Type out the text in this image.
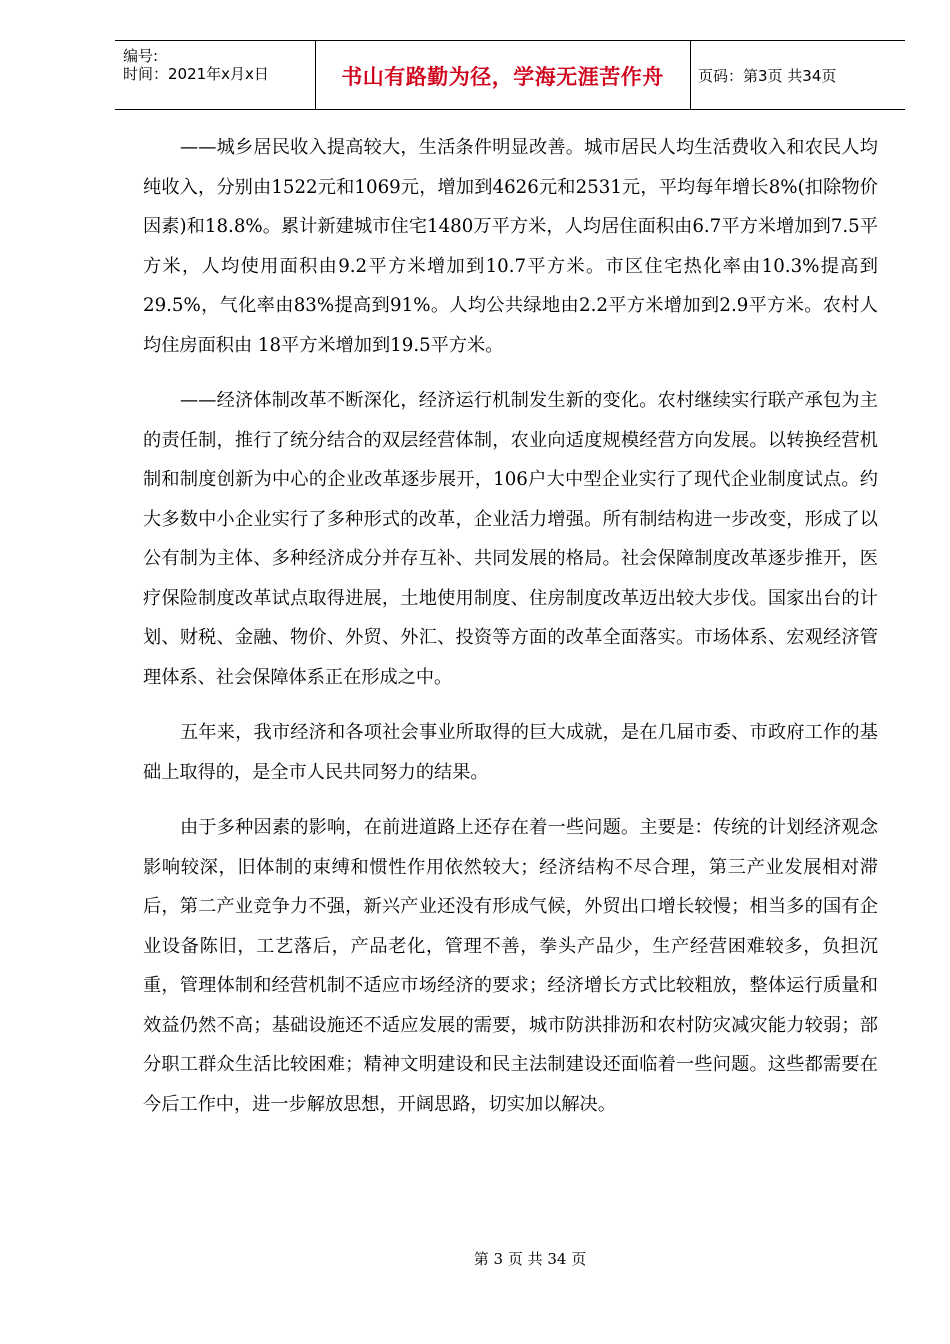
编号:
时间：2021年x月x日	书山有路勤为径，学海无涯苦作舟	页码：第3页 共34页

——城乡居民收入提高较大，生活条件明显改善。城市居民人均生活费收入和农民人均纯收入，分别由1522元和1069元，增加到4626元和2531元，平均每年增长8%(扣除物价因素)和18.8%。累计新建城市住宅1480万平方米，人均居住面积由6.7平方米增加到7.5平方米，人均使用面积由9.2平方米增加到10.7平方米。市区住宅热化率由10.3%提高到29.5%，气化率由83%提高到91%。人均公共绿地由2.2平方米增加到2.9平方米。农村人均住房面积由 18平方米增加到19.5平方米。

——经济体制改革不断深化，经济运行机制发生新的变化。农村继续实行联产承包为主的责任制，推行了统分结合的双层经营体制，农业向适度规模经营方向发展。以转换经营机制和制度创新为中心的企业改革逐步展开，106户大中型企业实行了现代企业制度试点。约大多数中小企业实行了多种形式的改革，企业活力增强。所有制结构进一步改变，形成了以公有制为主体、多种经济成分并存互补、共同发展的格局。社会保障制度改革逐步推开，医疗保险制度改革试点取得进展，土地使用制度、住房制度改革迈出较大步伐。国家出台的计划、财税、金融、物价、外贸、外汇、投资等方面的改革全面落实。市场体系、宏观经济管理体系、社会保障体系正在形成之中。

五年来，我市经济和各项社会事业所取得的巨大成就，是在几届市委、市政府工作的基础上取得的，是全市人民共同努力的结果。

由于多种因素的影响，在前进道路上还存在着一些问题。主要是：传统的计划经济观念影响较深，旧体制的束缚和惯性作用依然较大；经济结构不尽合理，第三产业发展相对滞后，第二产业竞争力不强，新兴产业还没有形成气候，外贸出口增长较慢；相当多的国有企业设备陈旧，工艺落后，产品老化，管理不善，拳头产品少，生产经营困难较多，负担沉重，管理体制和经营机制不适应市场经济的要求；经济增长方式比较粗放，整体运行质量和效益仍然不高；基础设施还不适应发展的需要，城市防洪排沥和农村防灾减灾能力较弱；部分职工群众生活比较困难；精神文明建设和民主法制建设还面临着一些问题。这些都需要在今后工作中，进一步解放思想，开阔思路，切实加以解决。

第 3 页 共 34 页
